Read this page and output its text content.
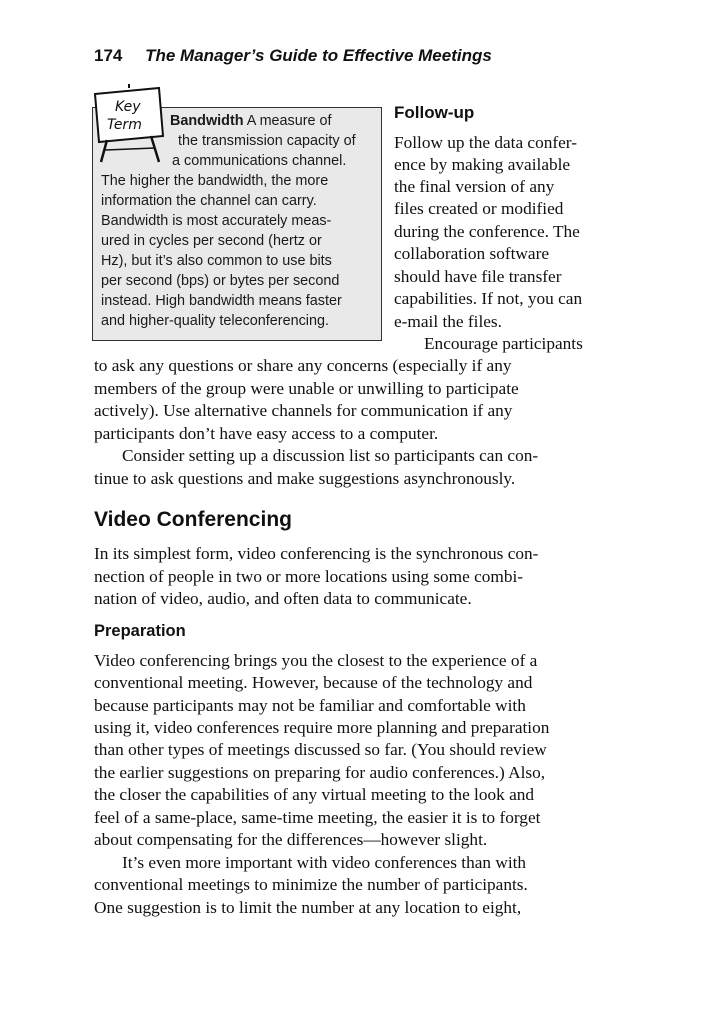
174 The Manager’s Guide to Effective Meetings
Key
Term Bandwidth A measure of

the transmission capacity of

a communications channel.

The higher the bandwidth, the more

information the channel can carry.

Bandwidth is most accurately meas-

ured in cycles per second (hertz or

Hz), but it’s also common to use bits

per second (bps) or bytes per second

instead. High bandwidth means faster

and higher-quality teleconferencing.

Follow-up

Follow up the data confer-

ence by making available

the final version of any

files created or modified

during the conference. The

collaboration software

should have file transfer

capabilities. If not, you can

e-mail the files.

Encourage participants

to ask any questions or share any concerns (especially if any

members of the group were unable or unwilling to participate

actively). Use alternative channels for communication if any

participants don’t have easy access to a computer.

Consider setting up a discussion list so participants can con-

tinue to ask questions and make suggestions asynchronously.

Video Conferencing

In its simplest form, video conferencing is the synchronous con-

nection of people in two or more locations using some combi-

nation of video, audio, and often data to communicate.

Preparation

Video conferencing brings you the closest to the experience of a

conventional meeting. However, because of the technology and

because participants may not be familiar and comfortable with

using it, video conferences require more planning and preparation

than other types of meetings discussed so far. (You should review

the earlier suggestions on preparing for audio conferences.) Also,

the closer the capabilities of any virtual meeting to the look and

feel of a same-place, same-time meeting, the easier it is to forget

about compensating for the differences—however slight.

It’s even more important with video conferences than with

conventional meetings to minimize the number of participants.

One suggestion is to limit the number at any location to eight,
